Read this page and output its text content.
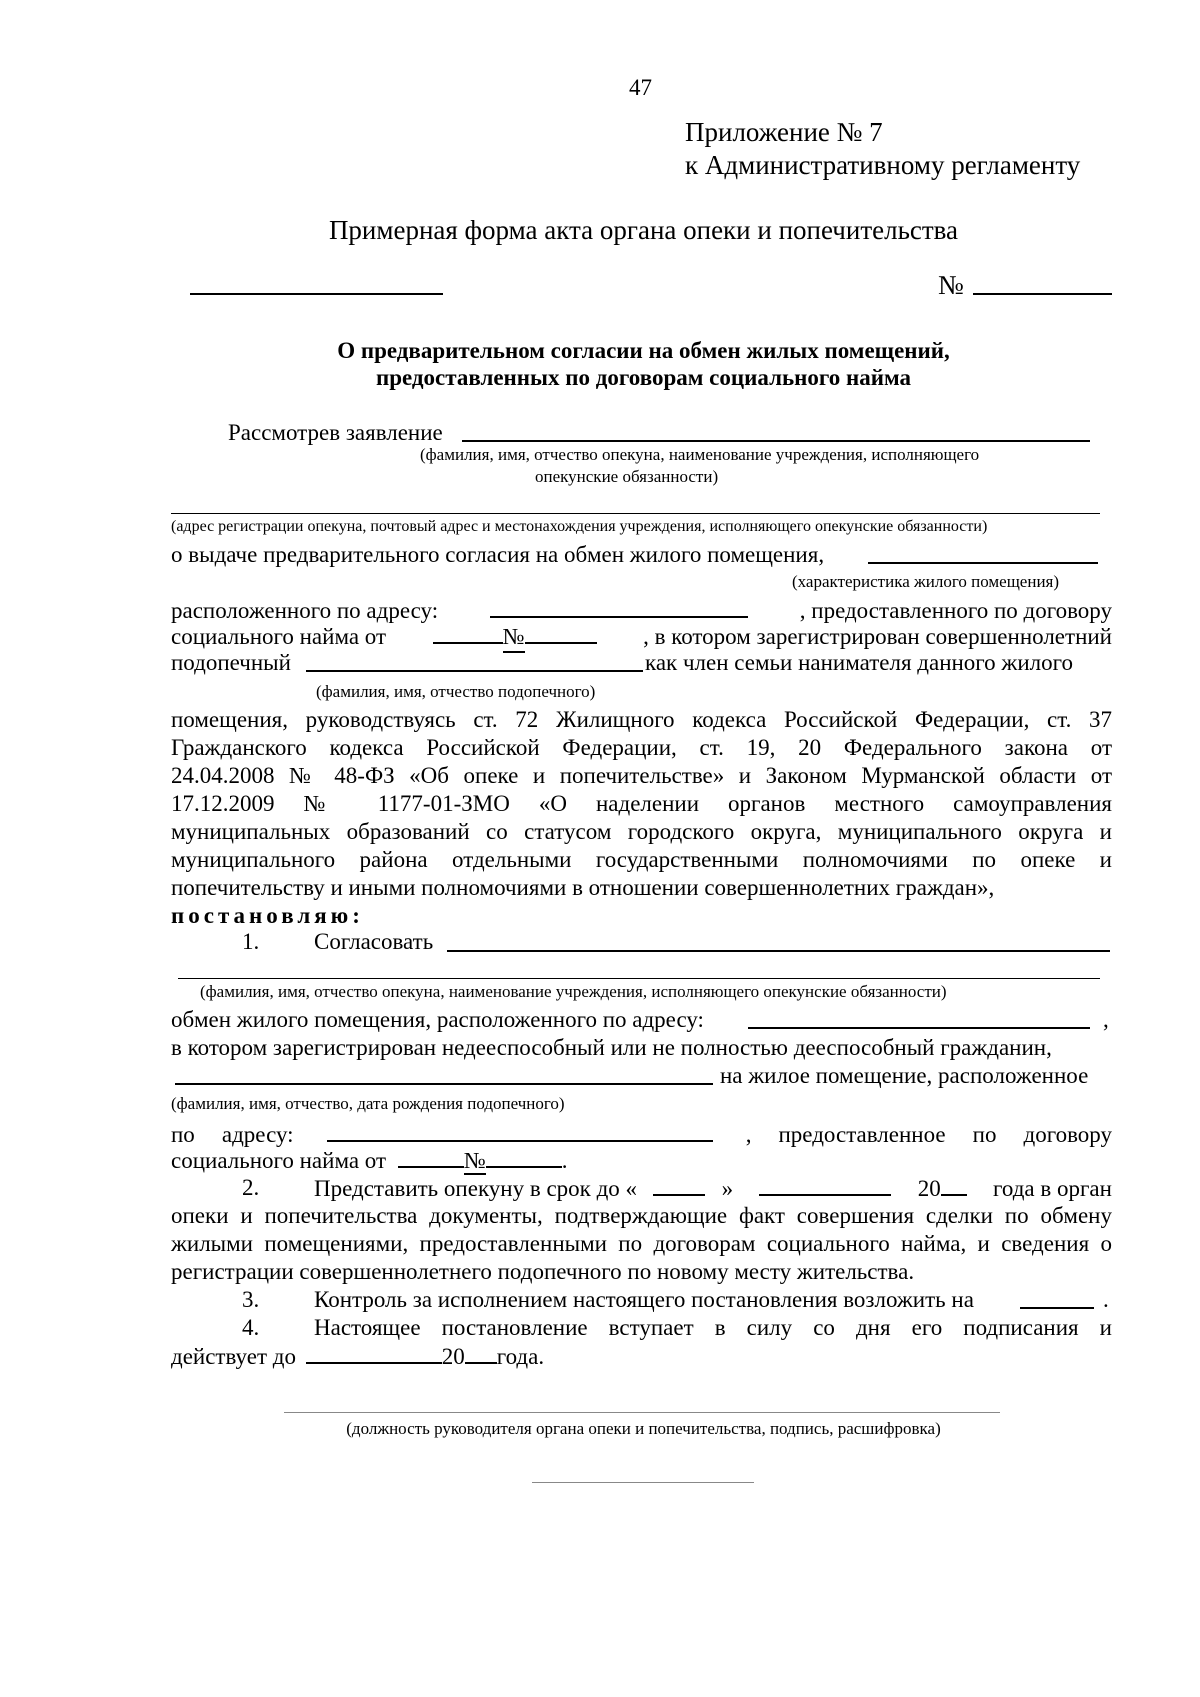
47
Приложение № 7
к Административному регламенту
Примерная форма акта органа опеки и попечительства
№
О предварительном согласии на обмен жилых помещений,
предоставленных по договорам социального найма
Рассмотрев заявление
(фамилия, имя, отчество опекуна, наименование учреждения, исполняющего
опекунские обязанности)
(адрес регистрации опекуна, почтовый адрес и местонахождения учреждения, исполняющего опекунские обязанности)
о выдаче предварительного согласия на обмен жилого помещения,
(характеристика жилого помещения)
расположенного по адресу:	, предоставленного по договору
социального найма от	№	, в котором зарегистрирован совершеннолетний
подопечный	как член семьи нанимателя данного жилого
(фамилия, имя, отчество подопечного)
помещения, руководствуясь ст. 72 Жилищного кодекса Российской Федерации, ст. 37
Гражданского кодекса Российской Федерации, ст. 19, 20 Федерального закона от
24.04.2008 № 48-ФЗ «Об опеке и попечительстве» и Законом Мурманской области от
17.12.2009 № 1177-01-ЗМО «О наделении органов местного самоуправления
муниципальных образований со статусом городского округа, муниципального округа и
муниципального района отдельными государственными полномочиями по опеке и
попечительству и иными полномочиями в отношении совершеннолетних граждан»,
постановляю:
1. Согласовать
(фамилия, имя, отчество опекуна, наименование учреждения, исполняющего опекунские обязанности)
обмен жилого помещения, расположенного по адресу:	,
в котором зарегистрирован недееспособный или не полностью дееспособный гражданин,
на жилое помещение, расположенное
(фамилия, имя, отчество, дата рождения подопечного)
по адресу:	, предоставленное по договору
социального найма от	№	.
2. Представить опекуну в срок до «	»	20	года в орган
опеки и попечительства документы, подтверждающие факт совершения сделки по обмену
жилыми помещениями, предоставленными по договорам социального найма, и сведения о
регистрации совершеннолетнего подопечного по новому месту жительства.
3. Контроль за исполнением настоящего постановления возложить на	.
4. Настоящее постановление вступает в силу со дня его подписания и
действует до	20 года.
(должность руководителя органа опеки и попечительства, подпись, расшифровка)
